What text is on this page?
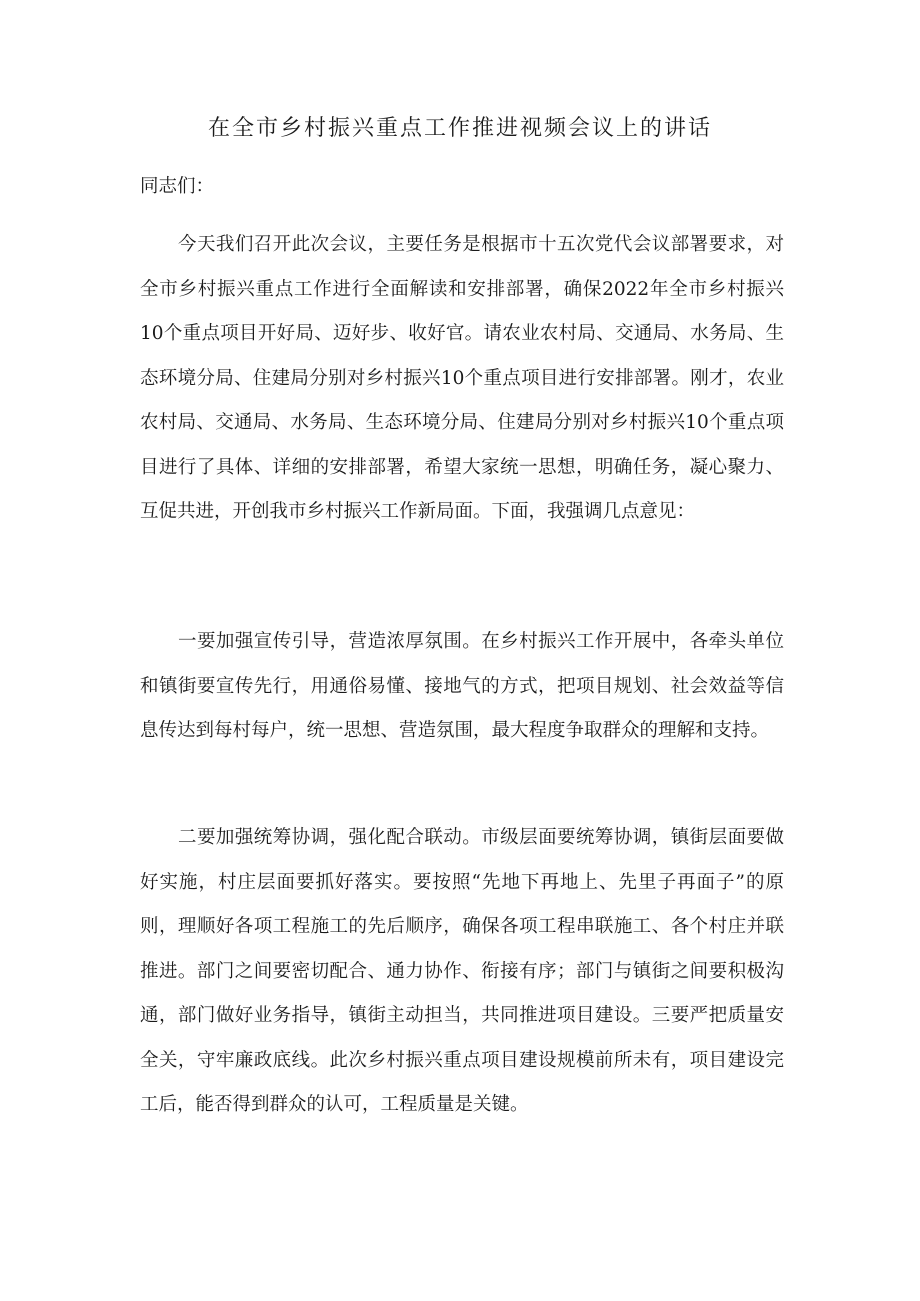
在全市乡村振兴重点工作推进视频会议上的讲话

同志们：

今天我们召开此次会议，主要任务是根据市十五次党代会议部署要求，对全市乡村振兴重点工作进行全面解读和安排部署，确保2022年全市乡村振兴10个重点项目开好局、迈好步、收好官。请农业农村局、交通局、水务局、生态环境分局、住建局分别对乡村振兴10个重点项目进行安排部署。刚才，农业农村局、交通局、水务局、生态环境分局、住建局分别对乡村振兴10个重点项目进行了具体、详细的安排部署，希望大家统一思想，明确任务，凝心聚力、互促共进，开创我市乡村振兴工作新局面。下面，我强调几点意见：

一要加强宣传引导，营造浓厚氛围。在乡村振兴工作开展中，各牵头单位和镇街要宣传先行，用通俗易懂、接地气的方式，把项目规划、社会效益等信息传达到每村每户，统一思想、营造氛围，最大程度争取群众的理解和支持。

二要加强统筹协调，强化配合联动。市级层面要统筹协调，镇街层面要做好实施，村庄层面要抓好落实。要按照“先地下再地上、先里子再面子”的原则，理顺好各项工程施工的先后顺序，确保各项工程串联施工、各个村庄并联推进。部门之间要密切配合、通力协作、衔接有序；部门与镇街之间要积极沟通，部门做好业务指导，镇街主动担当，共同推进项目建设。三要严把质量安全关，守牢廉政底线。此次乡村振兴重点项目建设规模前所未有，项目建设完工后，能否得到群众的认可，工程质量是关键。
